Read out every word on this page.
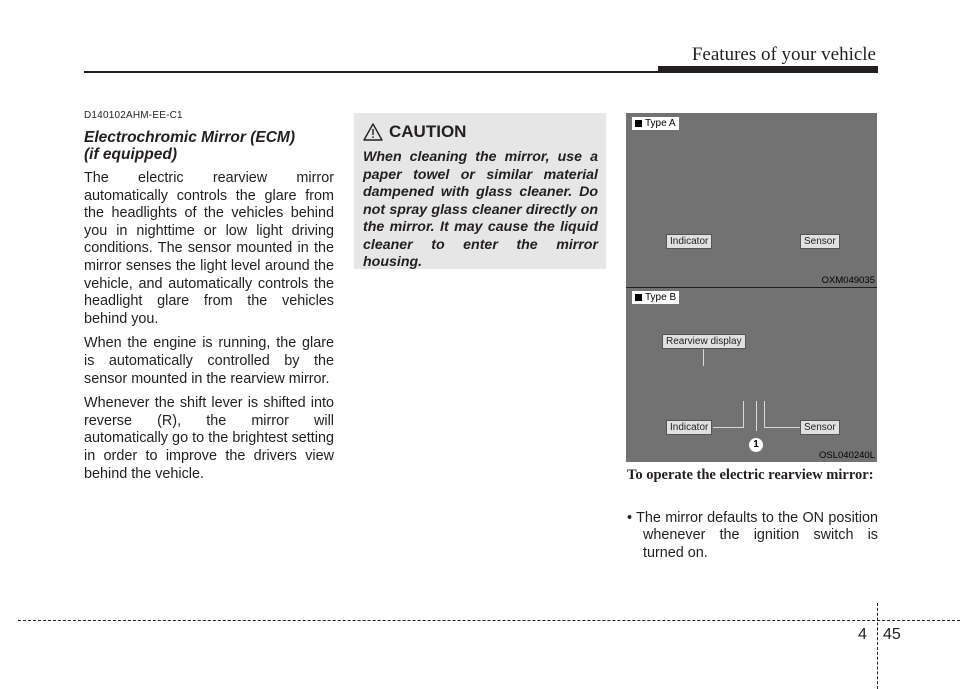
Features of your vehicle
D140102AHM-EE-C1
Electrochromic Mirror (ECM)
(if equipped)

The electric rearview mirror automatically controls the glare from the headlights of the vehicles behind you in nighttime or low light driving conditions. The sensor mounted in the mirror senses the light level around the vehicle, and automatically controls the headlight glare from the vehicles behind you.

When the engine is running, the glare is automatically controlled by the sensor mounted in the rearview mirror.

Whenever the shift lever is shifted into reverse (R), the mirror will automatically go to the brightest setting in order to improve the drivers view behind the vehicle.

CAUTION

When cleaning the mirror, use a paper towel or similar material dampened with glass cleaner. Do not spray glass cleaner directly on the mirror. It may cause the liquid cleaner to enter the mirror housing.

Type A
Indicator	Sensor
OXM049035
Type B
Rearview display
Indicator	Sensor
1
OSL040240L
To operate the electric rearview mirror:

• The mirror defaults to the ON position whenever the ignition switch is turned on.

4 45
